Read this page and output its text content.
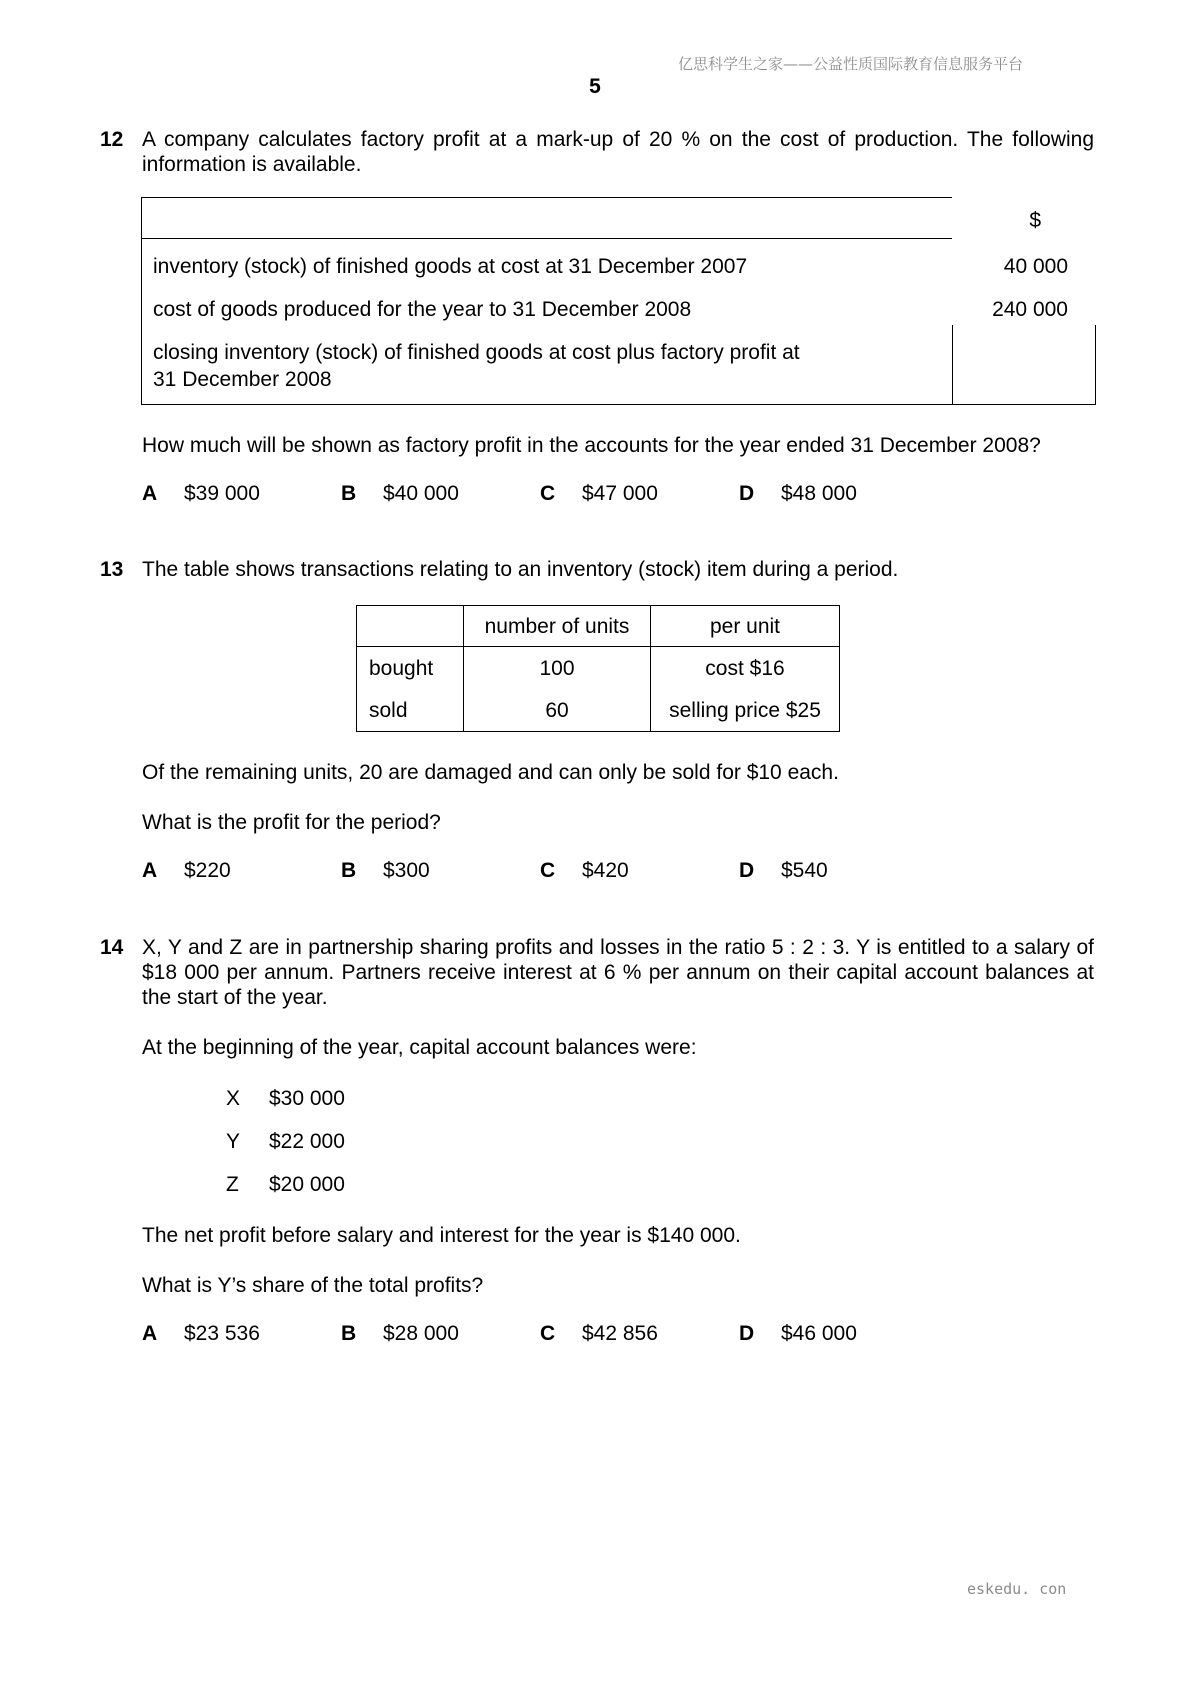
亿思科学生之家——公益性质国际教育信息服务平台
5
12 A company calculates factory profit at a mark-up of 20 % on the cost of production. The following information is available.
$
inventory (stock) of finished goods at cost at 31 December 2007	40 000
cost of goods produced for the year to 31 December 2008	240 000
closing inventory (stock) of finished goods at cost plus factory profit at
31 December 2008
How much will be shown as factory profit in the accounts for the year ended 31 December 2008?
A $39 000	B $40 000	C $47 000	D $48 000
13 The table shows transactions relating to an inventory (stock) item during a period.
	number of units	per unit
bought	100	cost $16
sold	60	selling price $25
Of the remaining units, 20 are damaged and can only be sold for $10 each.
What is the profit for the period?
A $220	B $300	C $420	D $540
14 X, Y and Z are in partnership sharing profits and losses in the ratio 5 : 2 : 3. Y is entitled to a salary of $18 000 per annum. Partners receive interest at 6 % per annum on their capital account balances at the start of the year.
At the beginning of the year, capital account balances were:
X $30 000
Y $22 000
Z $20 000
The net profit before salary and interest for the year is $140 000.
What is Y’s share of the total profits?
A $23 536	B $28 000	C $42 856	D $46 000
eskedu. con
